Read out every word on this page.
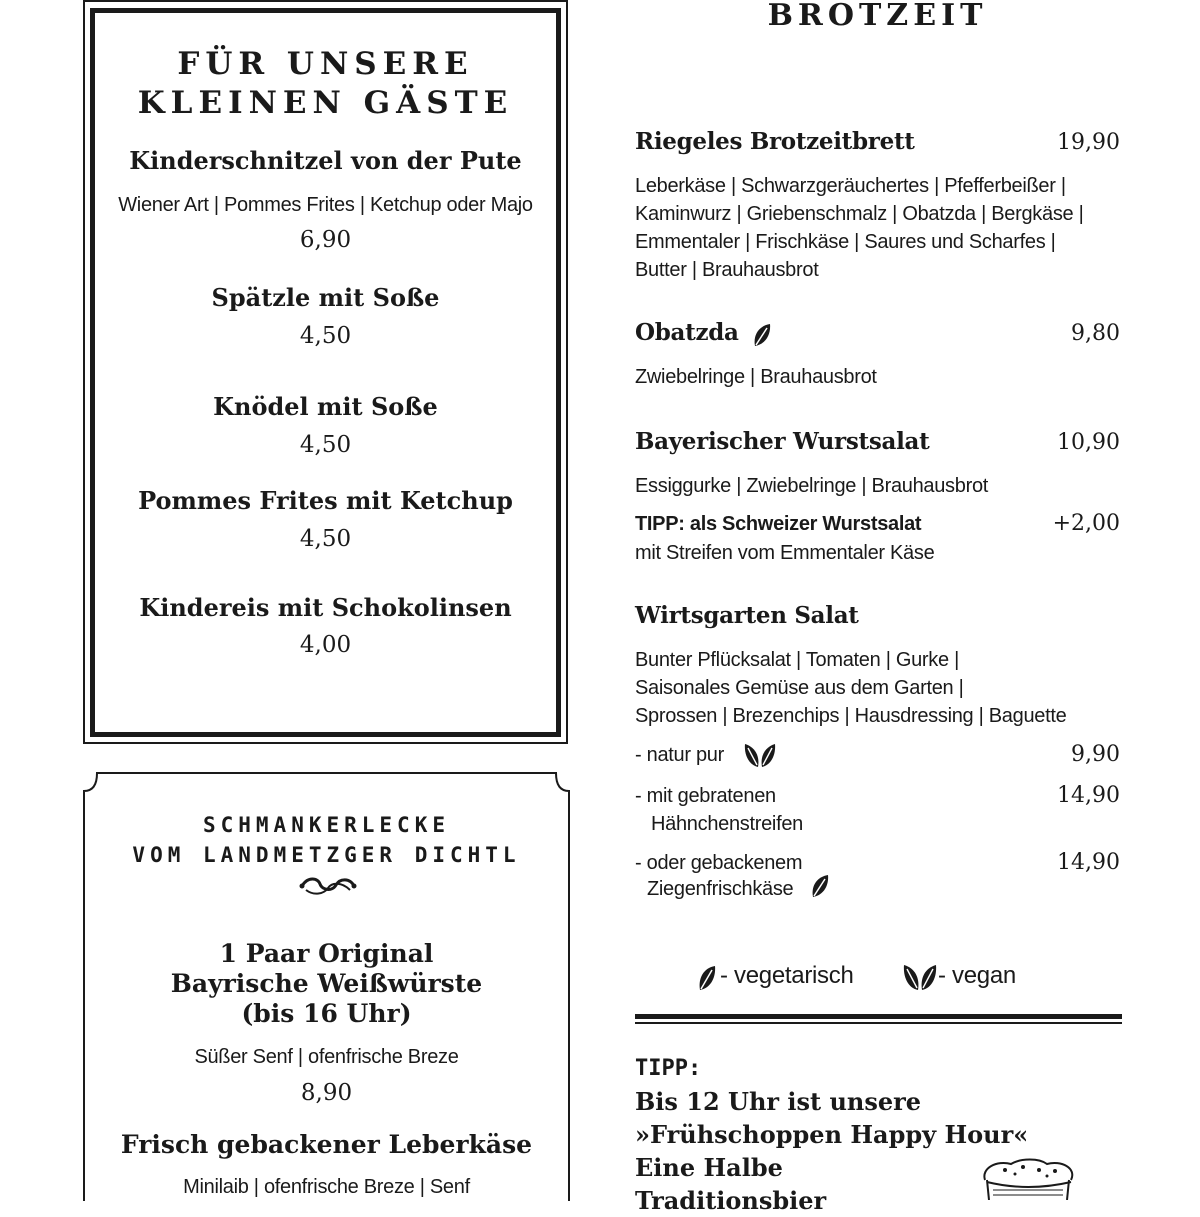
FÜR UNSERE
KLEINEN GÄSTE
Kinderschnitzel von der Pute
Wiener Art | Pommes Frites | Ketchup oder Majo
6,90
Spätzle mit Soße
4,50
Knödel mit Soße
4,50
Pommes Frites mit Ketchup
4,50
Kindereis mit Schokolinsen
4,00
SCHMANKERLECKE
VOM LANDMETZGER DICHTL
1 Paar Original
Bayrische Weißwürste
(bis 16 Uhr)
Süßer Senf | ofenfrische Breze
8,90
Frisch gebackener Leberkäse
Minilaib | ofenfrische Breze | Senf
BROTZEIT
Riegeles Brotzeitbrett	19,90
Leberkäse | Schwarzgeräuchertes | Pfefferbeißer |
Kaminwurz | Griebenschmalz | Obatzda | Bergkäse |
Emmentaler | Frischkäse | Saures und Scharfes |
Butter | Brauhausbrot
Obatzda	9,80
Zwiebelringe | Brauhausbrot
Bayerischer Wurstsalat	10,90
Essiggurke | Zwiebelringe | Brauhausbrot
TIPP: als Schweizer Wurstsalat	+2,00
mit Streifen vom Emmentaler Käse
Wirtsgarten Salat
Bunter Pflücksalat | Tomaten | Gurke |
Saisonales Gemüse aus dem Garten |
Sprossen | Brezenchips | Hausdressing | Baguette
- natur pur	9,90
- mit gebratenen
Hähnchenstreifen
14,90
- oder gebackenem
Ziegenfrischkäse
14,90
- vegetarisch	- vegan
TIPP:
Bis 12 Uhr ist unsere
»Frühschoppen Happy Hour«
Eine Halbe
Traditionsbier
